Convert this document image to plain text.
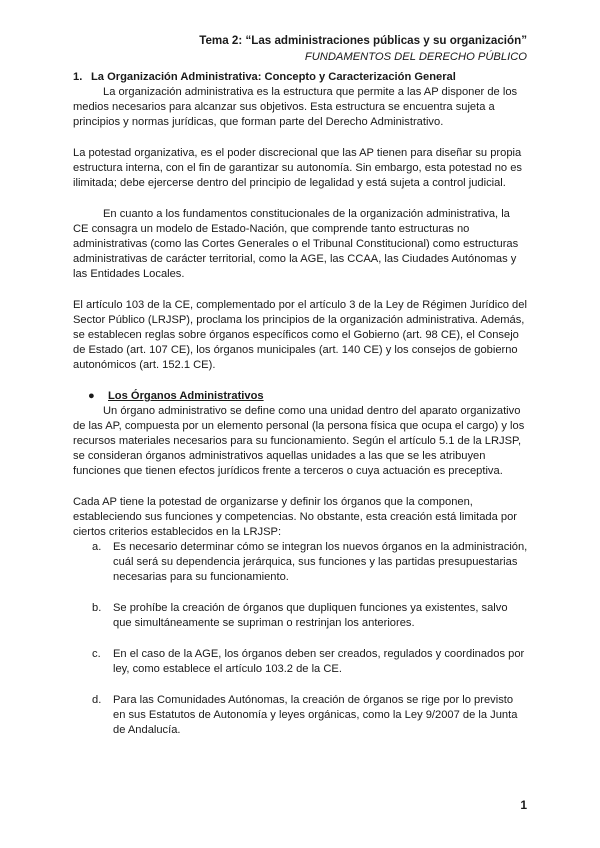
Tema 2: “Las administraciones públicas y su organización”
FUNDAMENTOS DEL DERECHO PÚBLICO

1. La Organización Administrativa: Concepto y Caracterización General

La organización administrativa es la estructura que permite a las AP disponer de los medios necesarios para alcanzar sus objetivos. Esta estructura se encuentra sujeta a principios y normas jurídicas, que forman parte del Derecho Administrativo.

La potestad organizativa, es el poder discrecional que las AP tienen para diseñar su propia estructura interna, con el fin de garantizar su autonomía. Sin embargo, esta potestad no es ilimitada; debe ejercerse dentro del principio de legalidad y está sujeta a control judicial.

En cuanto a los fundamentos constitucionales de la organización administrativa, la CE consagra un modelo de Estado-Nación, que comprende tanto estructuras no administrativas (como las Cortes Generales o el Tribunal Constitucional) como estructuras administrativas de carácter territorial, como la AGE, las CCAA, las Ciudades Autónomas y las Entidades Locales.

El artículo 103 de la CE, complementado por el artículo 3 de la Ley de Régimen Jurídico del Sector Público (LRJSP), proclama los principios de la organización administrativa. Además, se establecen reglas sobre órganos específicos como el Gobierno (art. 98 CE), el Consejo de Estado (art. 107 CE), los órganos municipales (art. 140 CE) y los consejos de gobierno autonómicos (art. 152.1 CE).

● Los Órganos Administrativos

Un órgano administrativo se define como una unidad dentro del aparato organizativo de las AP, compuesta por un elemento personal (la persona física que ocupa el cargo) y los recursos materiales necesarios para su funcionamiento. Según el artículo 5.1 de la LRJSP, se consideran órganos administrativos aquellas unidades a las que se les atribuyen funciones que tienen efectos jurídicos frente a terceros o cuya actuación es preceptiva.

Cada AP tiene la potestad de organizarse y definir los órganos que la componen, estableciendo sus funciones y competencias. No obstante, esta creación está limitada por ciertos criterios establecidos en la LRJSP:

a. Es necesario determinar cómo se integran los nuevos órganos en la administración, cuál será su dependencia jerárquica, sus funciones y las partidas presupuestarias necesarias para su funcionamiento.
b. Se prohíbe la creación de órganos que dupliquen funciones ya existentes, salvo que simultáneamente se supriman o restrinjan los anteriores.
c. En el caso de la AGE, los órganos deben ser creados, regulados y coordinados por ley, como establece el artículo 103.2 de la CE.
d. Para las Comunidades Autónomas, la creación de órganos se rige por lo previsto en sus Estatutos de Autonomía y leyes orgánicas, como la Ley 9/2007 de la Junta de Andalucía.
1
